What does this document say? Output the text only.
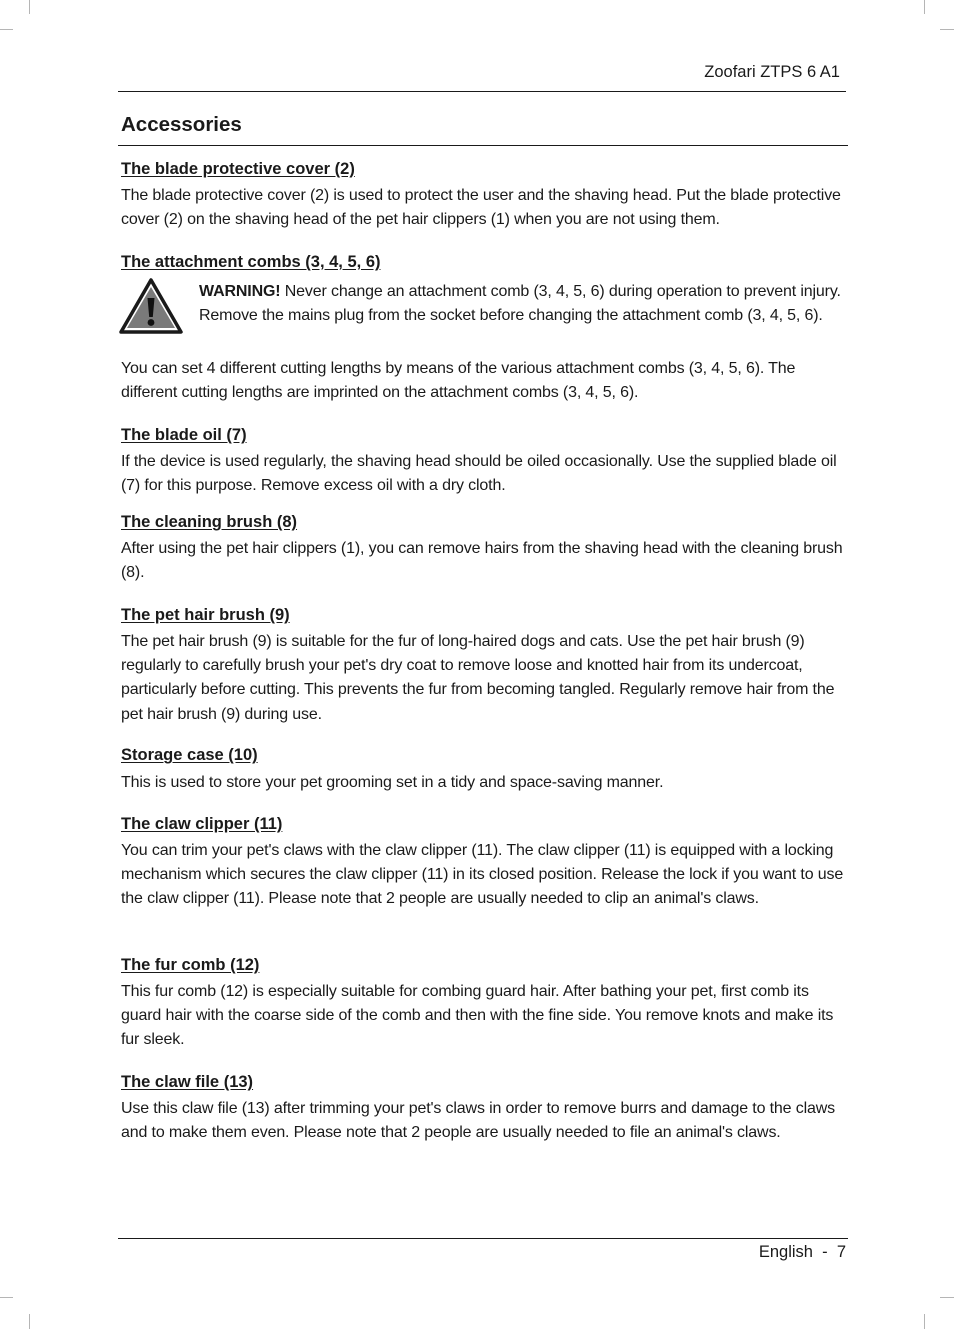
Zoofari ZTPS 6 A1
Accessories
The blade protective cover (2)

The blade protective cover (2) is used to protect the user and the shaving head. Put the blade protective cover (2) on the shaving head of the pet hair clippers (1) when you are not using them.

The attachment combs (3, 4, 5, 6)

WARNING! Never change an attachment comb (3, 4, 5, 6) during operation to prevent injury. Remove the mains plug from the socket before changing the attachment comb (3, 4, 5, 6).

You can set 4 different cutting lengths by means of the various attachment combs (3, 4, 5, 6). The different cutting lengths are imprinted on the attachment combs (3, 4, 5, 6).

The blade oil (7)

If the device is used regularly, the shaving head should be oiled occasionally. Use the supplied blade oil (7) for this purpose. Remove excess oil with a dry cloth.

The cleaning brush (8)

After using the pet hair clippers (1), you can remove hairs from the shaving head with the cleaning brush (8).

The pet hair brush (9)

The pet hair brush (9) is suitable for the fur of long-haired dogs and cats. Use the pet hair brush (9) regularly to carefully brush your pet's dry coat to remove loose and knotted hair from its undercoat, particularly before cutting. This prevents the fur from becoming tangled. Regularly remove hair from the pet hair brush (9) during use.

Storage case (10)

This is used to store your pet grooming set in a tidy and space-saving manner.

The claw clipper (11)

You can trim your pet's claws with the claw clipper (11). The claw clipper (11) is equipped with a locking mechanism which secures the claw clipper (11) in its closed position. Release the lock if you want to use the claw clipper (11). Please note that 2 people are usually needed to clip an animal's claws.

The fur comb (12)

This fur comb (12) is especially suitable for combing guard hair. After bathing your pet, first comb its guard hair with the coarse side of the comb and then with the fine side. You remove knots and make its fur sleek.

The claw file (13)

Use this claw file (13) after trimming your pet's claws in order to remove burrs and damage to the claws and to make them even. Please note that 2 people are usually needed to file an animal's claws.

English - 7
